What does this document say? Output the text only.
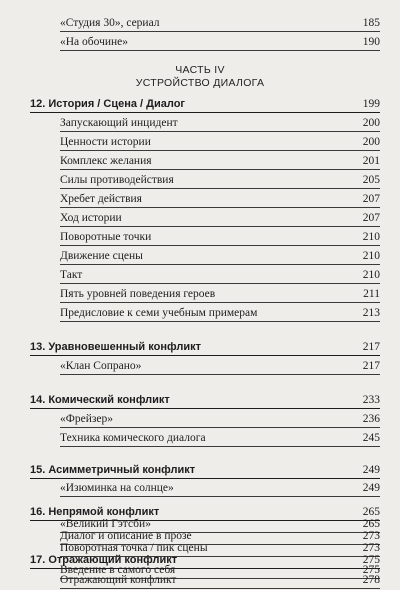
«Студия 30», сериал	185
«На обочине»	190
ЧАСТЬ IV
УСТРОЙСТВО ДИАЛОГА
12. История / Сцена / Диалог	199
Запускающий инцидент	200
Ценности истории	200
Комплекс желания	201
Силы противодействия	205
Хребет действия	207
Ход истории	207
Поворотные точки	210
Движение сцены	210
Такт	210
Пять уровней поведения героев	211
Предисловие к семи учебным примерам	213
13. Уравновешенный конфликт	217
«Клан Сопрано»	217
14. Комический конфликт	233
«Фрейзер»	236
Техника комического диалога	245
15. Асимметричный конфликт	249
«Изюминка на солнце»	249
16. Непрямой конфликт	265
«Великий Гэтсби»	265
Диалог и описание в прозе	273
Поворотная точка / пик сцены	273
17. Отражающий конфликт	275
Введение в самого себя	275
Отражающий конфликт	278
